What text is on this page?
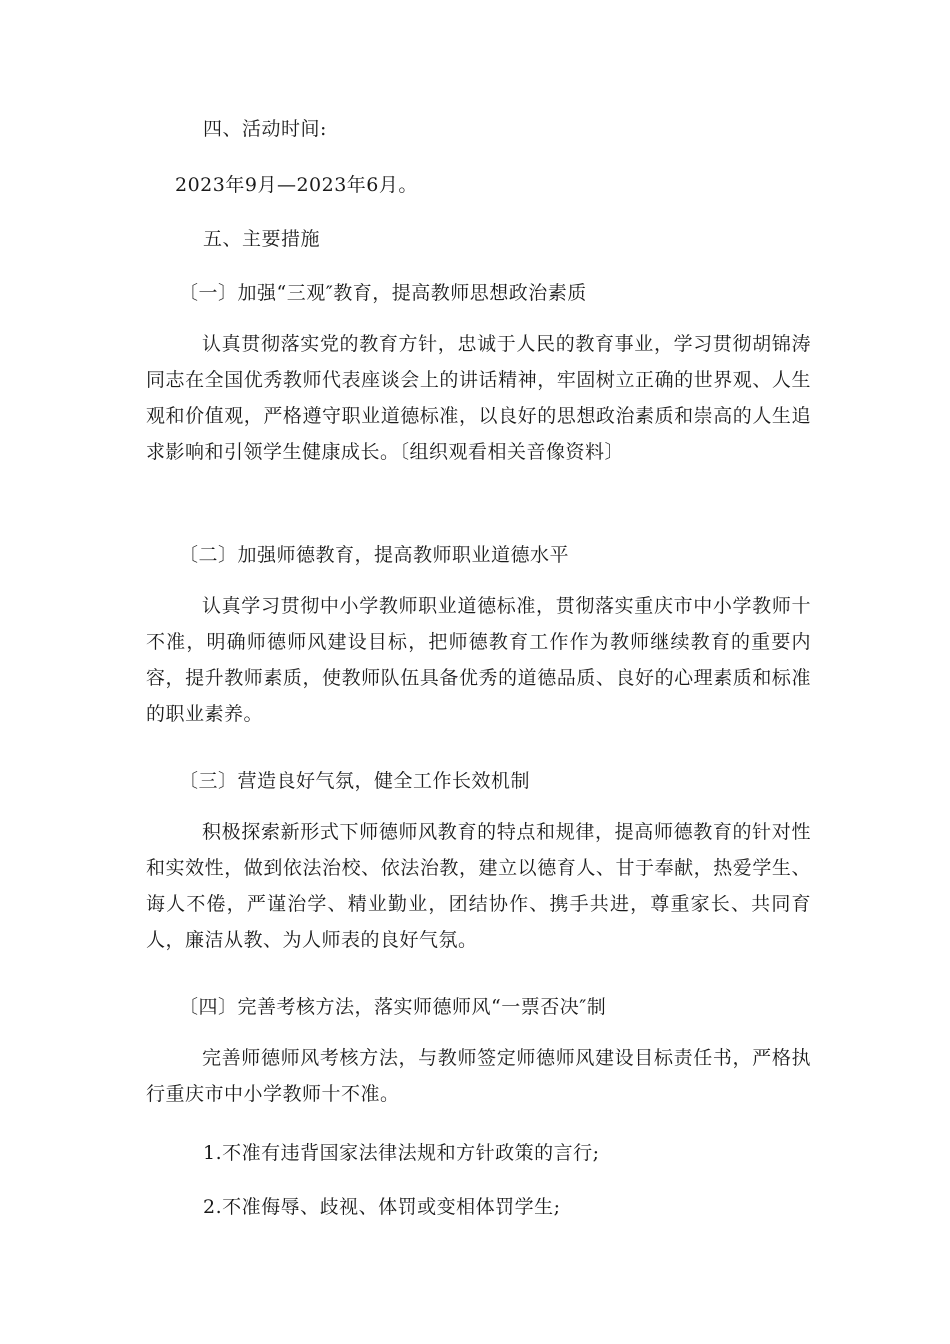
四、活动时间:
2023年9月—2023年6月。
五、主要措施
〔一〕加强“三观″教育，提高教师思想政治素质

认真贯彻落实党的教育方针，忠诚于人民的教育事业，学习贯彻胡锦涛同志在全国优秀教师代表座谈会上的讲话精神，牢固树立正确的世界观、人生观和价值观，严格遵守职业道德标准，以良好的思想政治素质和崇高的人生追求影响和引领学生健康成长。〔组织观看相关音像资料〕

〔二〕加强师德教育，提高教师职业道德水平

认真学习贯彻中小学教师职业道德标准，贯彻落实重庆市中小学教师十不准，明确师德师风建设目标，把师德教育工作作为教师继续教育的重要内容，提升教师素质，使教师队伍具备优秀的道德品质、良好的心理素质和标准的职业素养。

〔三〕营造良好气氛，健全工作长效机制

积极探索新形式下师德师风教育的特点和规律，提高师德教育的针对性和实效性，做到依法治校、依法治教，建立以德育人、甘于奉献，热爱学生、诲人不倦，严谨治学、精业勤业，团结协作、携手共进，尊重家长、共同育人，廉洁从教、为人师表的良好气氛。

〔四〕完善考核方法，落实师德师风“一票否决″制

完善师德师风考核方法，与教师签定师德师风建设目标责任书，严格执行重庆市中小学教师十不准。

1.不准有违背国家法律法规和方针政策的言行;
2.不准侮辱、歧视、体罚或变相体罚学生;
